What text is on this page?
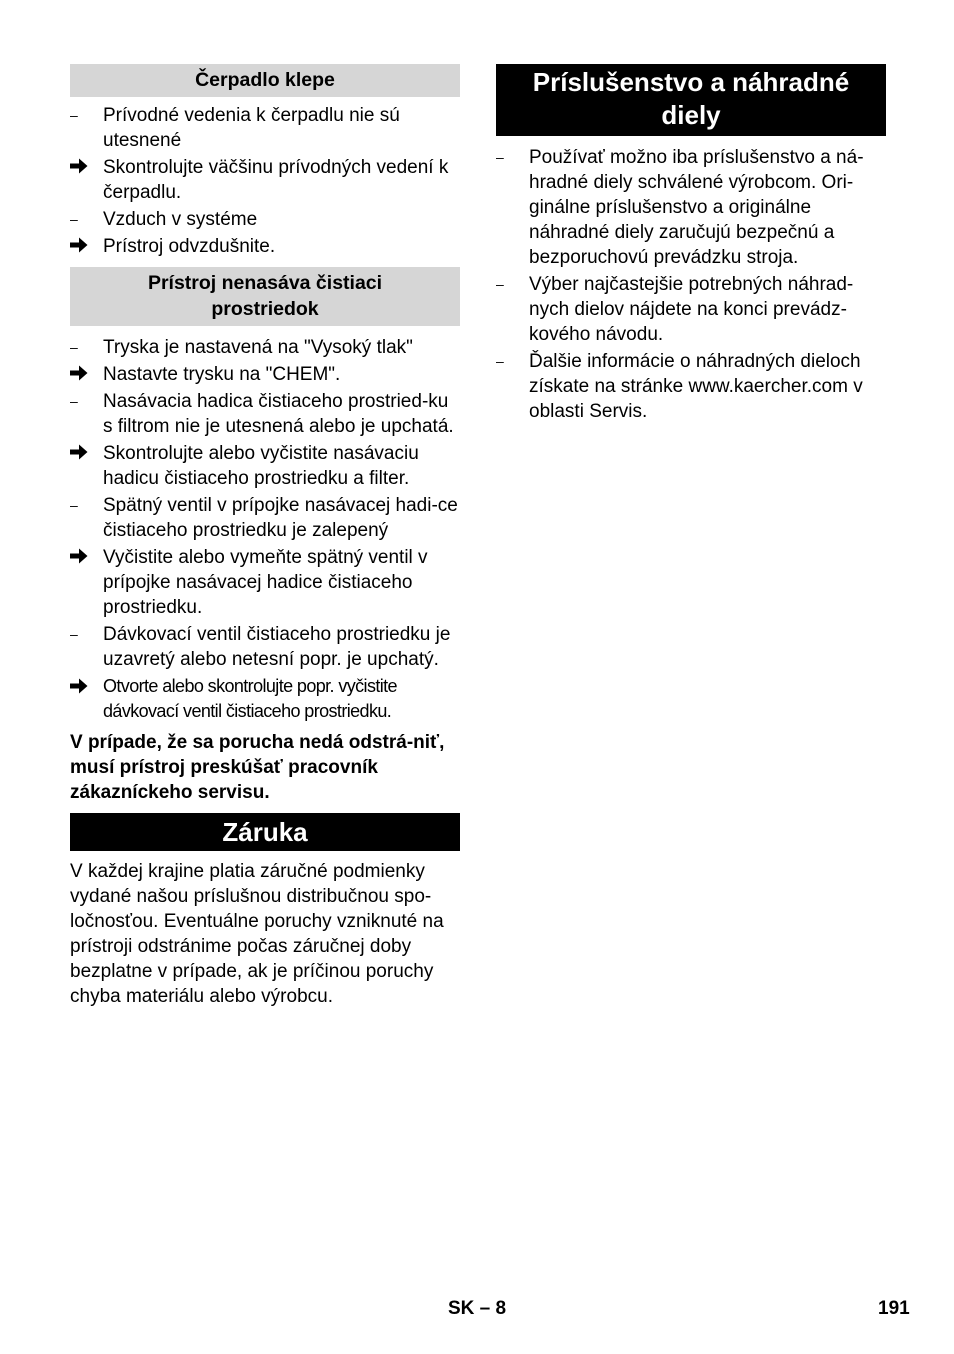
Čerpadlo klepe
–	Prívodné vedenia k čerpadlu nie sú utesnené
Skontrolujte väčšinu prívodných vedení k čerpadlu.
–	Vzduch v systéme
Prístroj odvzdušnite.
Prístroj nenasáva čistiaci prostriedok
–	Tryska je nastavená na "Vysoký tlak"
Nastavte trysku na "CHEM".
–	Nasávacia hadica čistiaceho prostried-ku s filtrom nie je utesnená alebo je upchatá.
Skontrolujte alebo vyčistite nasávaciu hadicu čistiaceho prostriedku a filter.
–	Spätný ventil v prípojke nasávacej hadi-ce čistiaceho prostriedku je zalepený
Vyčistite alebo vymeňte spätný ventil v prípojke nasávacej hadice čistiaceho prostriedku.
–	Dávkovací ventil čistiaceho prostriedku je uzavretý alebo netesní popr. je upchatý.
Otvorte alebo skontrolujte popr. vyčistite dávkovací ventil čistiaceho prostriedku.
V prípade, že sa porucha nedá odstrá-niť, musí prístroj preskúšať pracovník zákazníckeho servisu.
Záruka
V každej krajine platia záručné podmienky vydané našou príslušnou distribučnou spo-ločnosťou. Eventuálne poruchy vzniknuté na prístroji odstránime počas záručnej doby bezplatne v prípade, ak je príčinou poruchy chyba materiálu alebo výrobcu.
Príslušenstvo a náhradné diely
–	Používať možno iba príslušenstvo a ná-hradné diely schválené výrobcom. Ori-ginálne príslušenstvo a originálne náhradné diely zaručujú bezpečnú a bezporuchovú prevádzku stroja.
–	Výber najčastejšie potrebných náhrad-nych dielov nájdete na konci prevádz-kového návodu.
–	Ďalšie informácie o náhradných dieloch získate na stránke www.kaercher.com v oblasti Servis.
SK – 8	191
